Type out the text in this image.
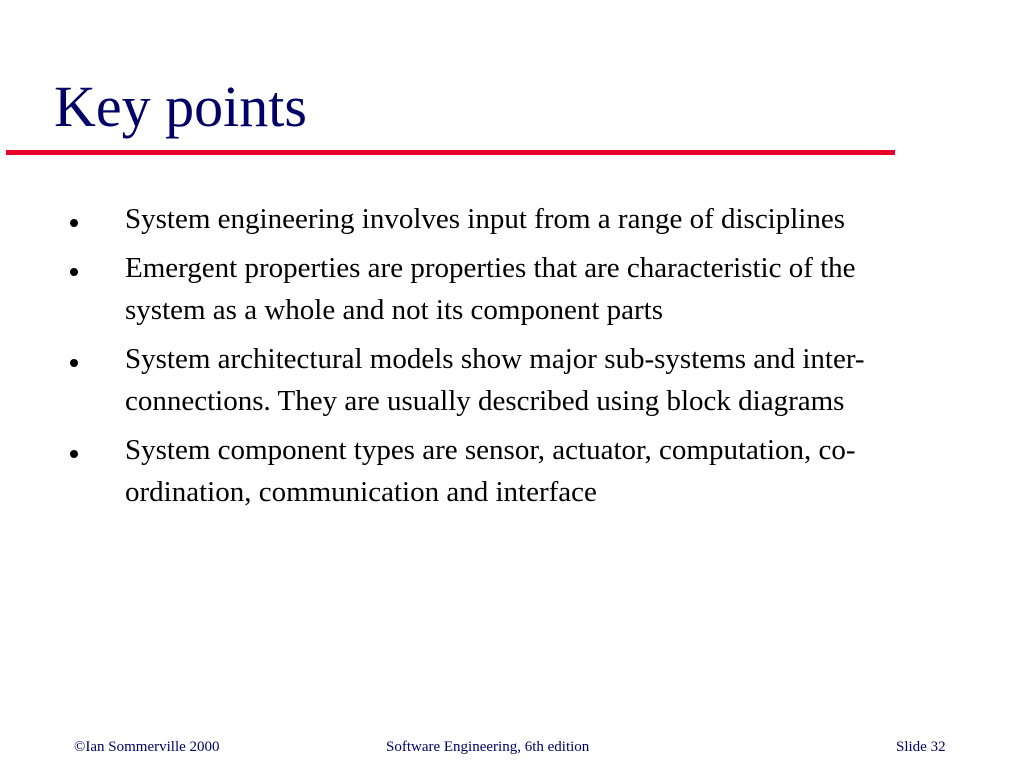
Key points
System engineering involves input from a range of disciplines
Emergent properties are properties that are characteristic of the system as a whole and not its component parts
System architectural models show major sub-systems and inter-connections. They are usually described using block diagrams
System component types are sensor, actuator, computation, co-ordination, communication and interface
©Ian Sommerville 2000	Software Engineering, 6th edition	Slide 32
